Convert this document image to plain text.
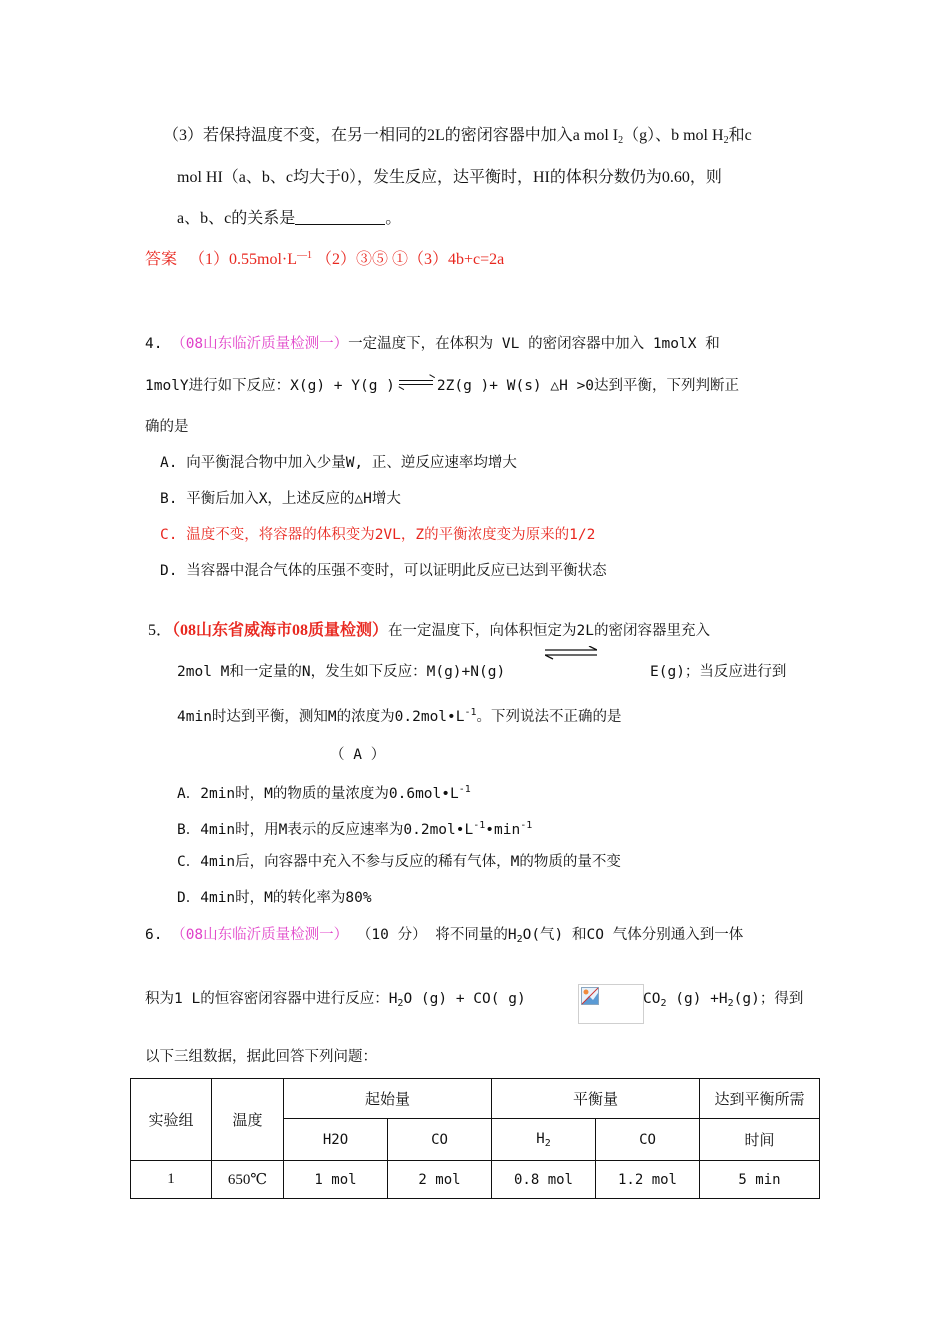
（3）若保持温度不变，在另一相同的2L的密闭容器中加入a mol $I_2(g)$、b mol $H_2$和c
mol HI（a、b、c均大于0），发生反应，达平衡时，HI的体积分数仍为0.60，则
a、b、c的关系是	。
答案 $(1)0.55mol\cdot L^{—1}$ （2）③⑤ ①（3）4b+c=2a
4. （08山东临沂质量检测一）一定温度下，在体积为 VL 的密闭容器中加入 1molX 和
1molY进行如下反应：X(g) + Y(g )	2Z(g )+ W(s) △H >0达到平衡，下列判断正
确的是
A. 向平衡混合物中加入少量W, 正、逆反应速率均增大
B. 平衡后加入X，上述反应的△H增大
C. 温度不变，将容器的体积变为2VL，Z的平衡浓度变为原来的1/2
D. 当容器中混合气体的压强不变时，可以证明此反应已达到平衡状态
5．（08山东省威海市08质量检测）在一定温度下，向体积恒定为2L的密闭容器里充入
2mol M和一定量的N，发生如下反应：M(g)+N(g)	E(g)；当反应进行到
4min时达到平衡，测知M的浓度为$0.2mol•L^{-1}$。下列说法不正确的是
（ A ）
A．2min时，M的物质的量浓度为$0.6mol•L^{-1}$
B．4min时，用M表示的反应速率为$0.2mol•L^{-1}•\min^{-1}$
C．4min后，向容器中充入不参与反应的稀有气体，M的物质的量不变
D．4min时，M的转化率为80%
6. （08山东临沂质量检测一） （10 分） 将不同量的$H_2O$(气) 和CO 气体分别通入到一体
积为1 L的恒容密闭容器中进行反应：$H_2O$ (g) + CO( g)	$CO_2$ $(g) +H_2(g)$；得到
以下三组数据，据此回答下列问题：
实验组	温度	起始量		平衡量		达到平衡所需
		H2O	CO	$H_2$	CO	时间
1	650℃	1 mol	2 mol	0.8 mol	1.2 mol	5 min
